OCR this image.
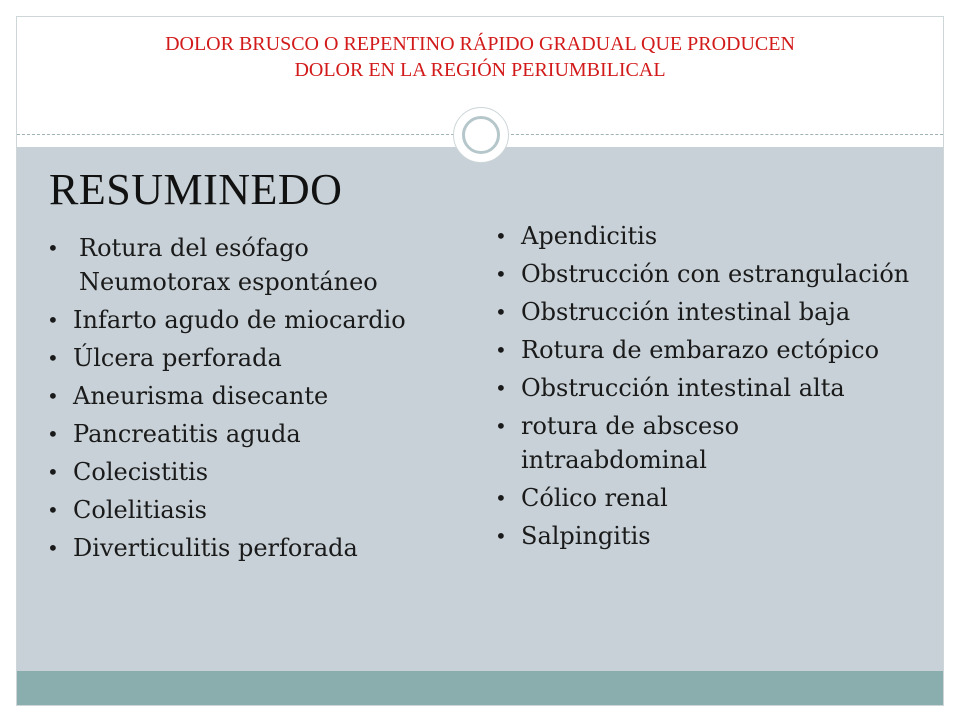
DOLOR BRUSCO O REPENTINO RÁPIDO GRADUAL QUE PRODUCEN
DOLOR EN LA REGIÓN PERIUMBILICAL
RESUMINEDO
• Rotura del esófago Neumotorax espontáneo
• Infarto agudo de miocardio
• Úlcera perforada
• Aneurisma disecante
• Pancreatitis aguda
• Colecistitis
• Colelitiasis
• Diverticulitis perforada
• Apendicitis
• Obstrucción con estrangulación
• Obstrucción intestinal baja
• Rotura de embarazo ectópico
• Obstrucción intestinal alta
• rotura de absceso intraabdominal
• Cólico renal
• Salpingitis
